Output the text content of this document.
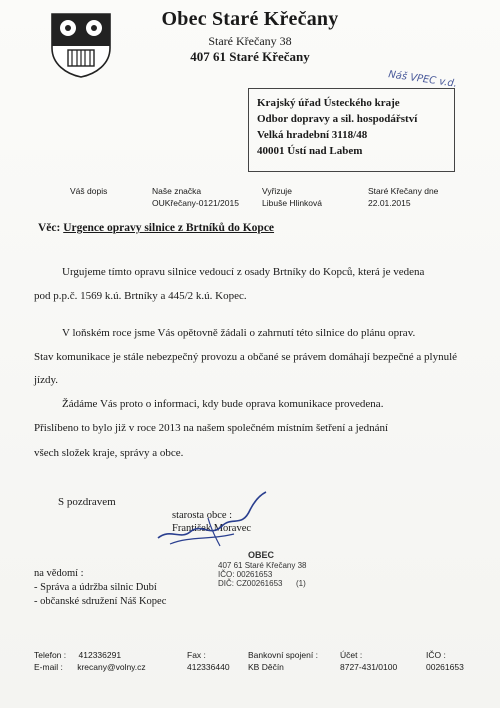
Obec Staré Křečany
Staré Křečany 38
407 61 Staré Křečany
Náš VPEC v.d.
Krajský úřad Ústeckého kraje
Odbor dopravy a sil. hospodářství
Velká hradební 3118/48
40001 Ústí nad Labem
Váš dopis	Naše značka
OUKřečany-0121/2015
Vyřizuje
Libuše Hlinková
Staré Křečany dne
22.01.2015
Věc: Urgence opravy silnice z Brtníků do Kopce
Urgujeme tímto opravu silnice vedoucí z osady Brtníky do Kopců, která je vedena
pod p.p.č. 1569 k.ú. Brtníky a 445/2 k.ú. Kopec.
V loňském roce jsme Vás opětovně žádali o zahrnutí této silnice do plánu oprav.
Stav komunikace je stále nebezpečný provozu a občané se právem domáhají bezpečné a plynulé
jízdy.
Žádáme Vás proto o informaci, kdy bude oprava komunikace provedena.
Přislíbeno to bylo již v roce 2013 na našem společném místním šetření a jednání
všech složek kraje, správy a obce.
S pozdravem
starosta obce :
František Moravec
OBEC
407 61 Staré Křečany 38
IČO: 00261653
DIČ: CZ00261653 (1)
na vědomí :
- Správa a údržba silnic Dubí
- občanské sdružení Náš Kopec
Telefon : 412336291
E-mail : krecany@volny.cz
Fax :
412336440
Bankovní spojení :
KB Děčín
Účet :
8727-431/0100
IČO :
00261653
